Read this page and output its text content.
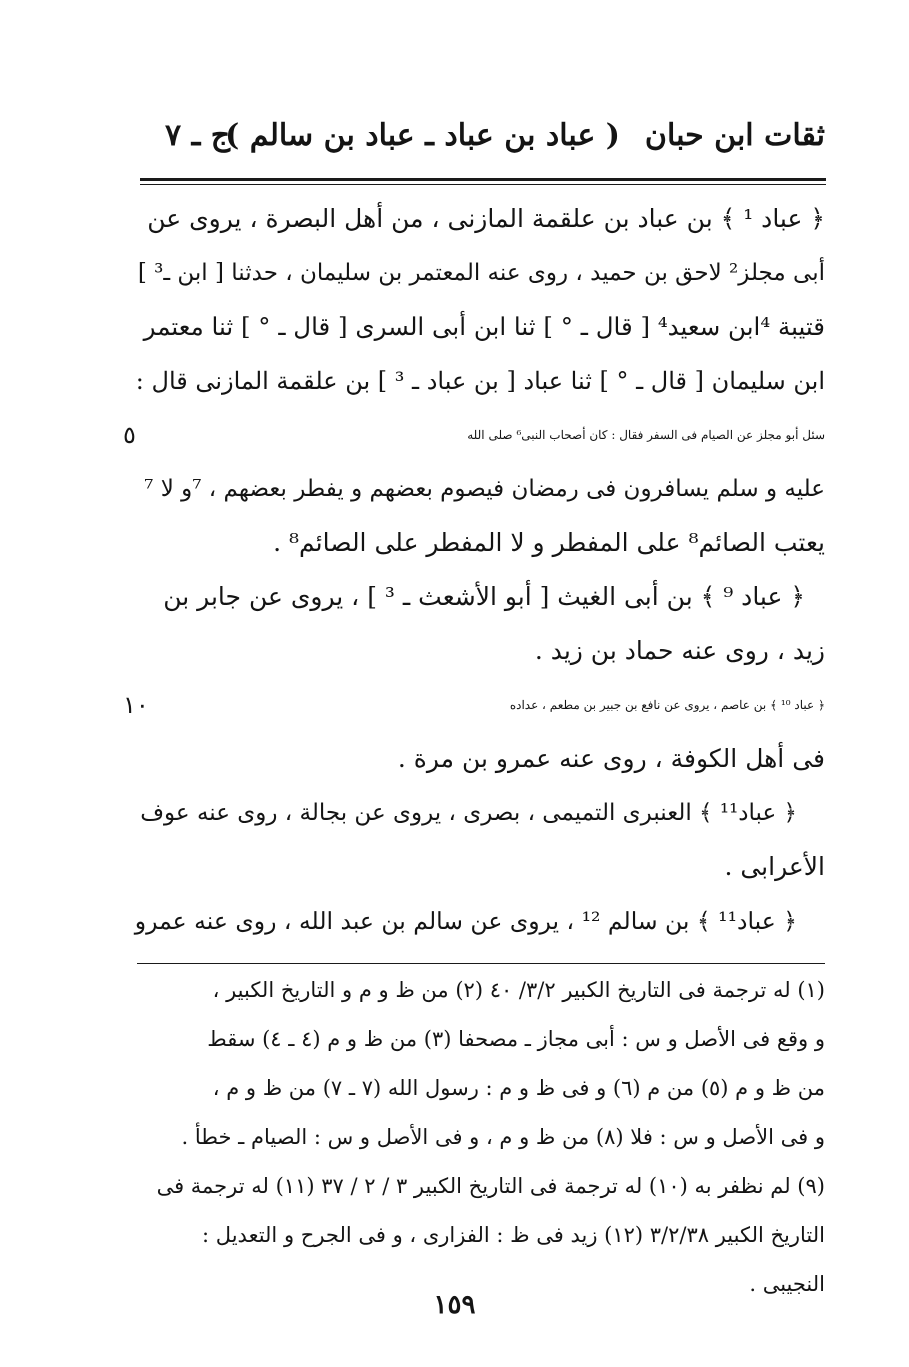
ثقات ابن حبان
( عباد بن عباد ـ عباد بن سالم )
ج ـ ٧
﴿ عباد ¹ ﴾ بن عباد بن علقمة المازنى ، من أهل البصرة ، يروى عن
أبى مجلز² لاحق بن حميد ، روى عنه المعتمر بن سليمان ، حدثنا [ ابن ـ³ ]
قتيبة ⁴ابن سعيد⁴ [ قال ـ ° ] ثنا ابن أبى السرى [ قال ـ ° ] ثنا معتمر
ابن سليمان [ قال ـ ° ] ثنا عباد [ بن عباد ـ ³ ] بن علقمة المازنى قال :
سئل أبو مجلز عن الصيام فى السفر فقال : كان أصحاب النبى⁶ صلى الله
٥
عليه و سلم يسافرون فى رمضان فيصوم بعضهم و يفطر بعضهم ، ⁷و لا ⁷
يعتب الصائم⁸ على المفطر و لا المفطر على الصائم⁸ .
﴿ عباد ⁹ ﴾ بن أبى الغيث [ أبو الأشعث ـ ³ ] ، يروى عن جابر بن
زيد ، روى عنه حماد بن زيد .
﴿ عباد ¹⁰ ﴾ بن عاصم ، يروى عن نافع بن جبير بن مطعم ، عداده
١٠
فى أهل الكوفة ، روى عنه عمرو بن مرة .
﴿ عباد¹¹ ﴾ العنبرى التميمى ، بصرى ، يروى عن بجالة ، روى عنه عوف
الأعرابى .
﴿ عباد¹¹ ﴾ بن سالم ¹² ، يروى عن سالم بن عبد الله ، روى عنه عمرو
(١) له ترجمة فى التاريخ الكبير ٣/٢/ ٤٠ (٢) من ظ و م و التاريخ الكبير ،
و وقع فى الأصل و س : أبى مجاز ـ مصحفا (٣) من ظ و م (٤ ـ ٤) سقط
من ظ و م (٥) من م (٦) و فى ظ و م : رسول الله (٧ ـ ٧) من ظ و م ،
و فى الأصل و س : فلا (٨) من ظ و م ، و فى الأصل و س : الصيام ـ خطأ .
(٩) لم نظفر به (١٠) له ترجمة فى التاريخ الكبير ٣ / ٢ / ٣٧ (١١) له ترجمة فى
التاريخ الكبير ٣/٢/٣٨ (١٢) زيد فى ظ : الفزارى ، و فى الجرح و التعديل :
النجيبى .
١٥٩
